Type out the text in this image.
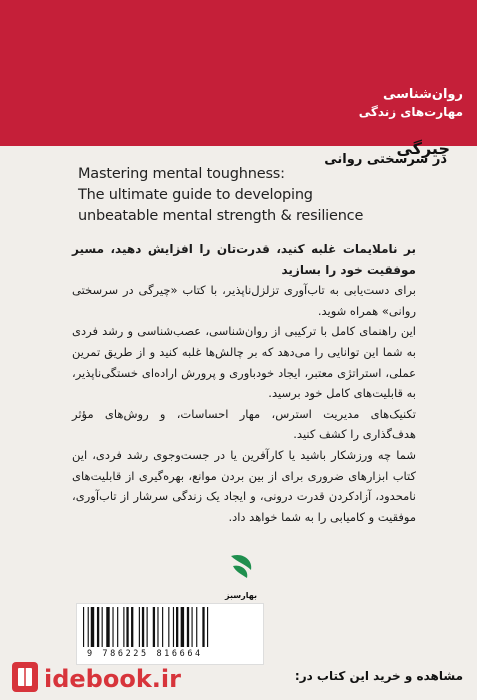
روان‌شناسی
مهارت‌های زندگی
چیرگی
در سرسختی روانی
Mastering mental toughness:
The ultimate guide to developing
unbeatable mental strength & resilience

بر ناملایمات غلبه کنید، قدرت‌تان را افزایش دهید، مسیر موفقیت خود را بسازید

برای دست‌یابی به تاب‌آوری تزلزل‌ناپذیر، با کتاب «چیرگی در سرسختی روانی» همراه شوید.

این راهنمای کامل با ترکیبی از روان‌شناسی، عصب‌شناسی و رشد فردی به شما این توانایی را می‌دهد که بر چالش‌ها غلبه کنید و از طریق تمرین عملی، استراتژی معتبر، ایجاد خودباوری و پرورش اراده‌ای خستگی‌ناپذیر، به قابلیت‌های کامل خود برسید.

تکنیک‌های مدیریت استرس، مهار احساسات، و روش‌های مؤثر هدف‌گذاری را کشف کنید.

شما چه ورزشکار باشید یا کارآفرین یا در جست‌وجوی رشد فردی، این کتاب ابزارهای ضروری برای از بین بردن موانع، بهره‌گیری از قابلیت‌های نامحدود، آزادکردن قدرت درونی، و ایجاد یک زندگی سرشار از تاب‌آوری، موفقیت و کامیابی را به شما خواهد داد.

بهارسبز
9 786225 816664
idebook.ir	مشاهده و خرید این کتاب در:
